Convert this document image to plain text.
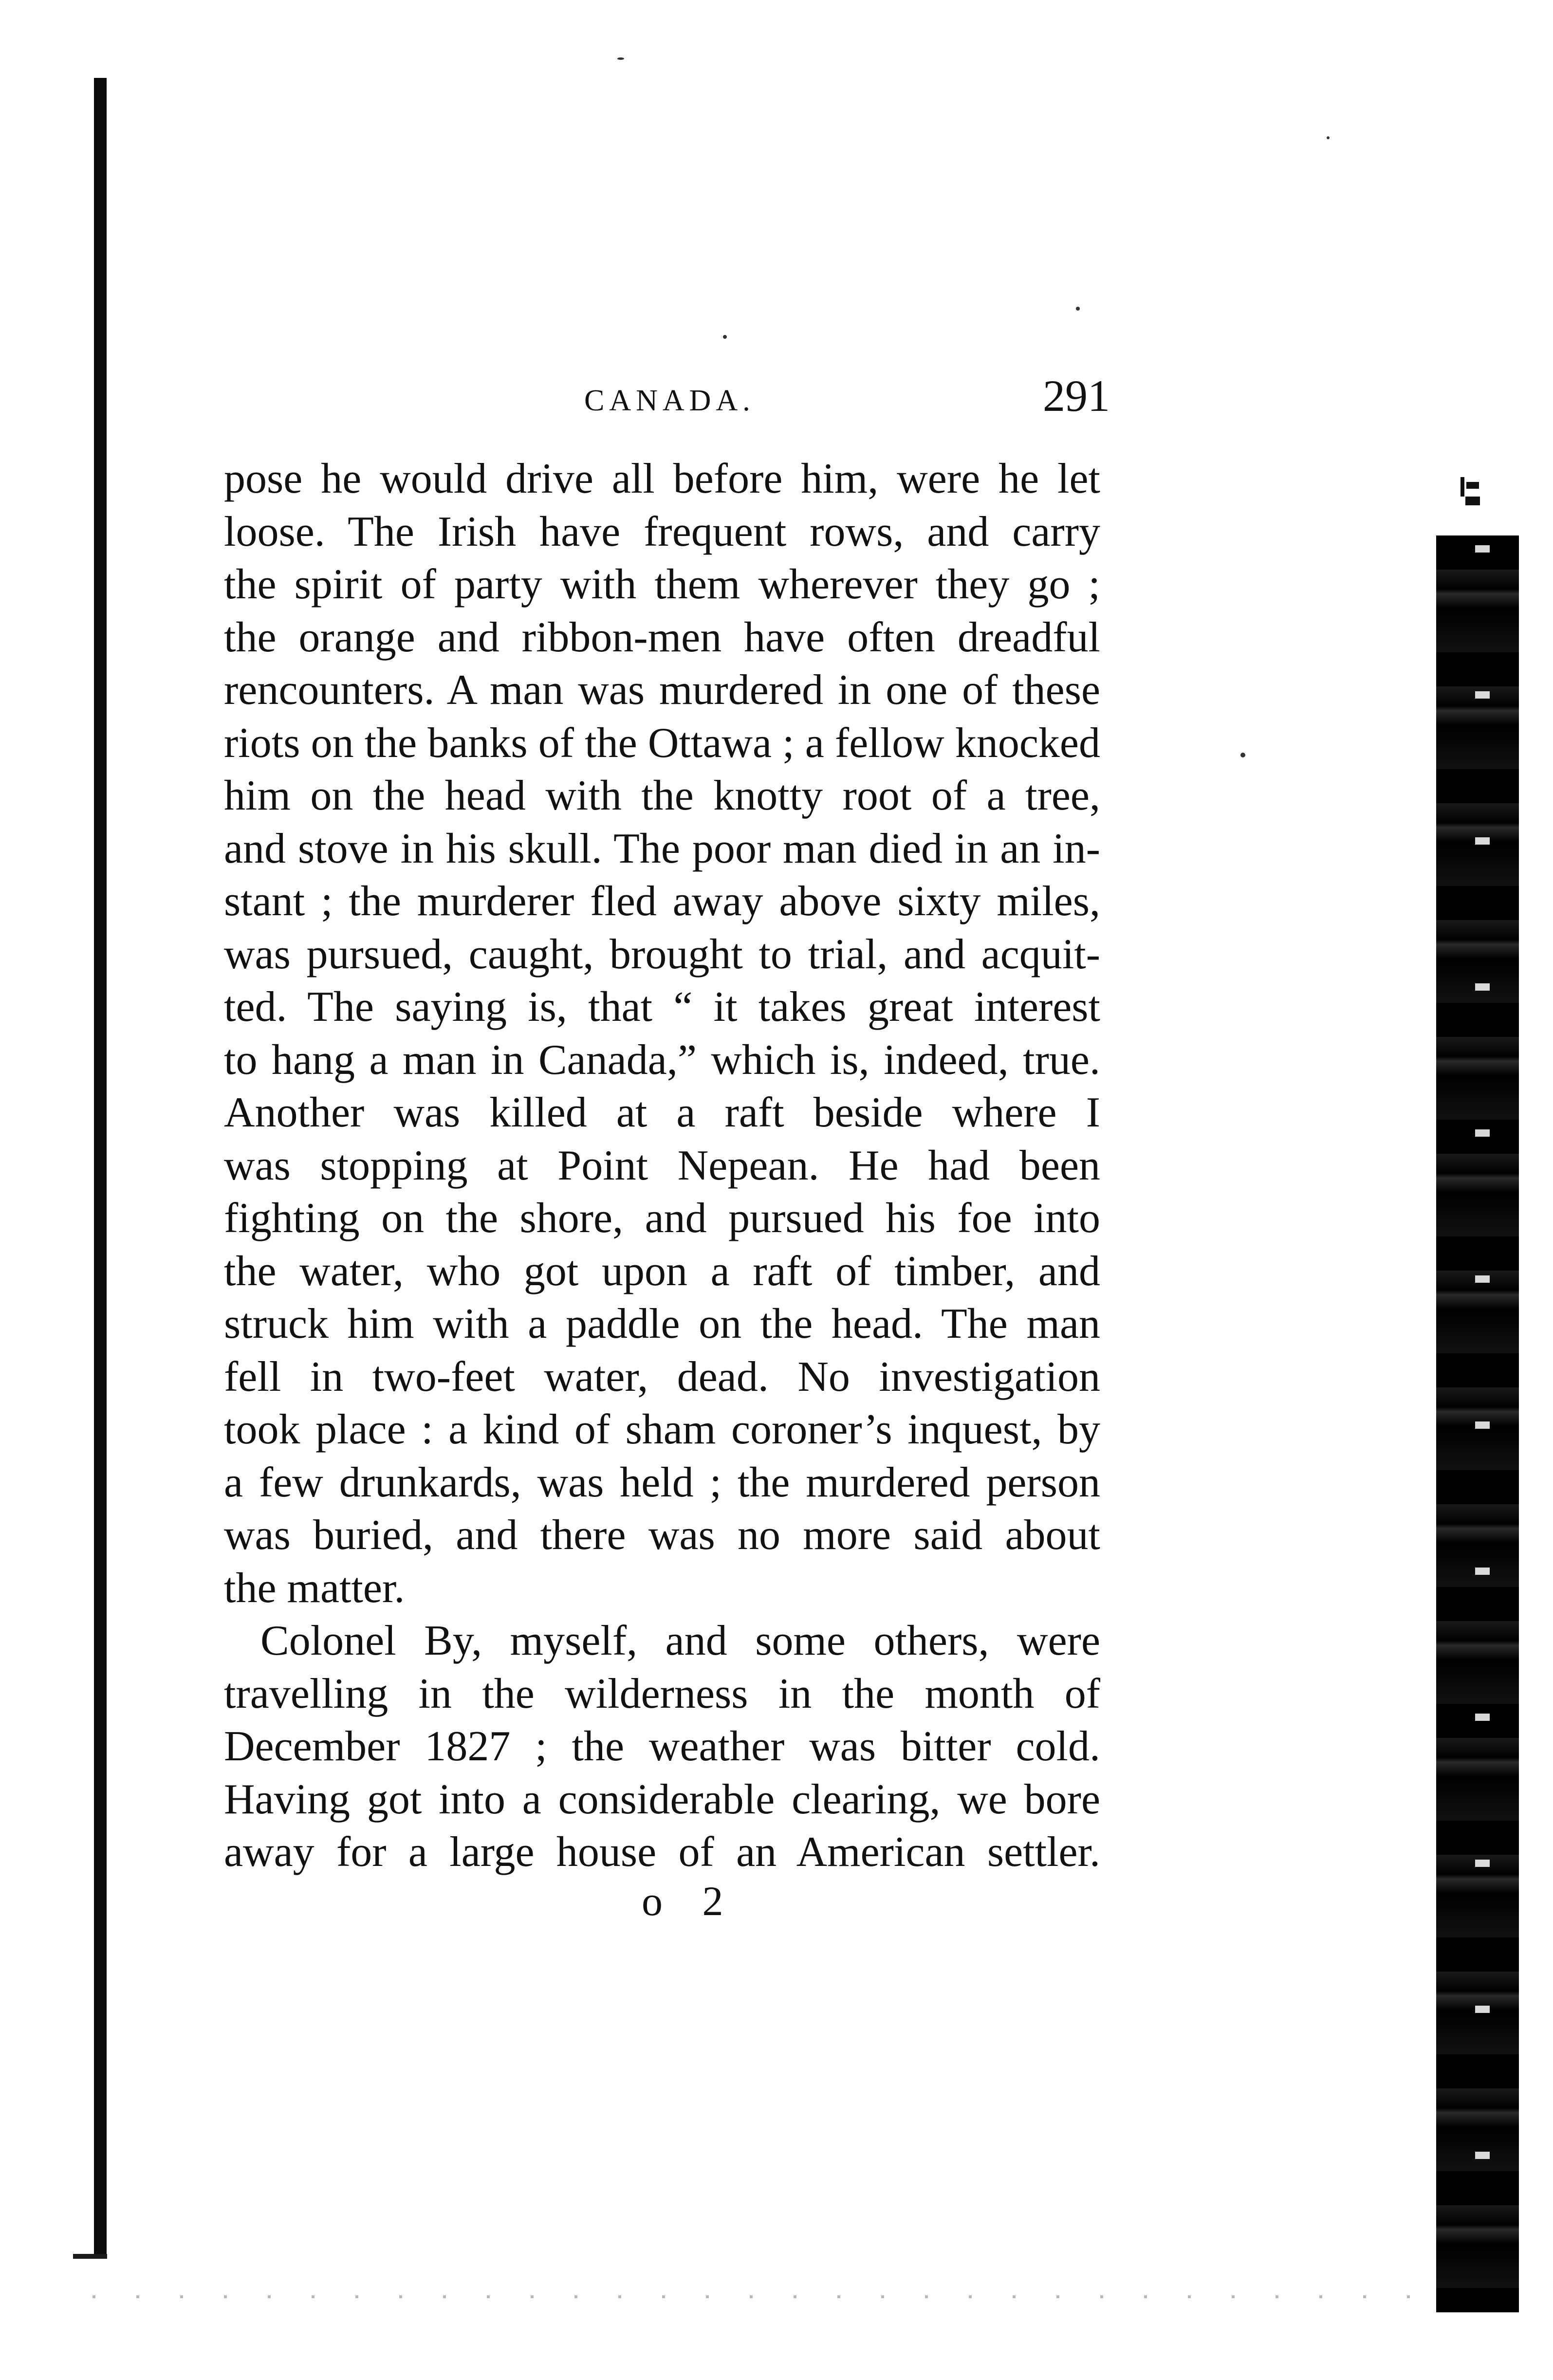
CANADA.	291
pose he would drive all before him, were he let
loose. The Irish have frequent rows, and carry
the spirit of party with them wherever they go ;
the orange and ribbon-men have often dreadful
rencounters. A man was murdered in one of these
riots on the banks of the Ottawa ; a fellow knocked
him on the head with the knotty root of a tree,
and stove in his skull. The poor man died in an in-
stant ; the murderer fled away above sixty miles,
was pursued, caught, brought to trial, and acquit-
ted. The saying is, that “ it takes great interest
to hang a man in Canada,” which is, indeed, true.
Another was killed at a raft beside where I
was stopping at Point Nepean. He had been
fighting on the shore, and pursued his foe into
the water, who got upon a raft of timber, and
struck him with a paddle on the head. The man
fell in two-feet water, dead. No investigation
took place : a kind of sham coroner’s inquest, by
a few drunkards, was held ; the murdered person
was buried, and there was no more said about
the matter.
Colonel By, myself, and some others, were
travelling in the wilderness in the month of
December 1827 ; the weather was bitter cold.
Having got into a considerable clearing, we bore
away for a large house of an American settler.
o 2
